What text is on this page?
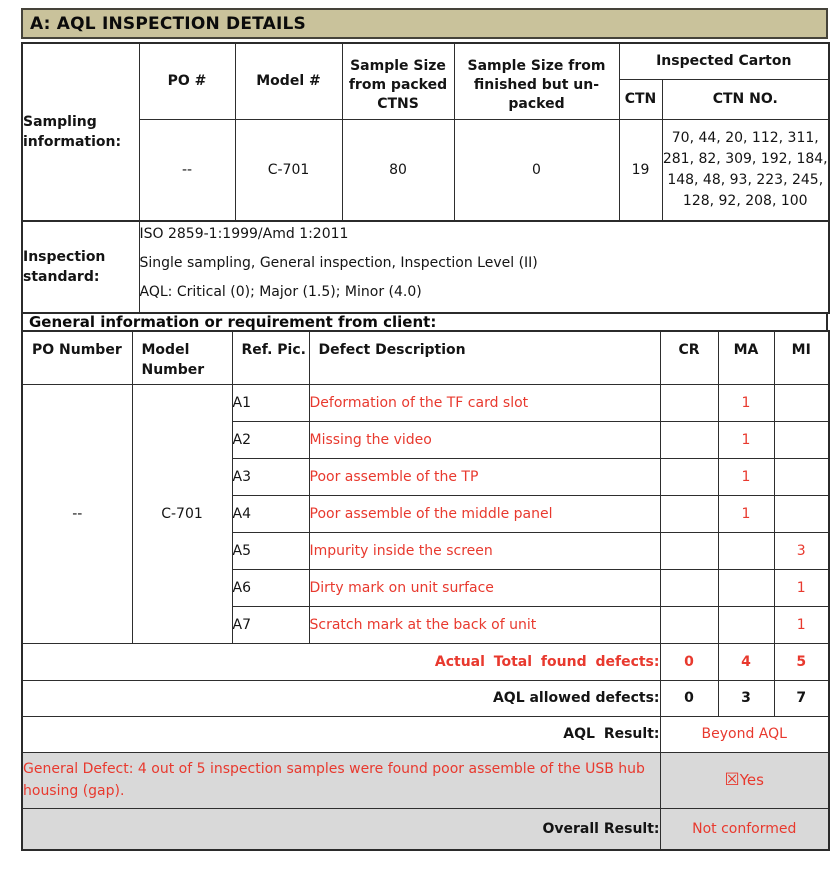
A: AQL INSPECTION DETAILS
Sampling information:	PO #	Model #	Sample Size from packed CTNS	Sample Size from finished but un-packed	Inspected Carton	
					CTN	CTN NO.
	--	C-701	80	0	19	70, 44, 20, 112, 311, 281, 82, 309, 192, 184, 148, 48, 93, 223, 245, 128, 92, 208, 100
Inspection standard:	
ISO 2859-1:1999/Amd 1:2011
Single sampling, General inspection, Inspection Level (II)
AQL: Critical (0); Major (1.5); Minor (4.0)
General information or requirement from client:
PO Number	Model Number	Ref. Pic.	Defect Description	CR	MA	MI
--	C-701	A1	Deformation of the TF card slot		1	
		A2	Missing the video		1	
		A3	Poor assemble of the TP		1	
		A4	Poor assemble of the middle panel		1	
		A5	Impurity inside the screen			3
		A6	Dirty mark on unit surface			1
		A7	Scratch mark at the back of unit			1
Actual Total found defects:				0	4	5
AQL allowed defects:				0	3	7
AQL Result:				Beyond AQL		
General Defect: 4 out of 5 inspection samples were found poor assemble of the USB hub housing (gap).				☒Yes		
Overall Result:				Not conformed		
